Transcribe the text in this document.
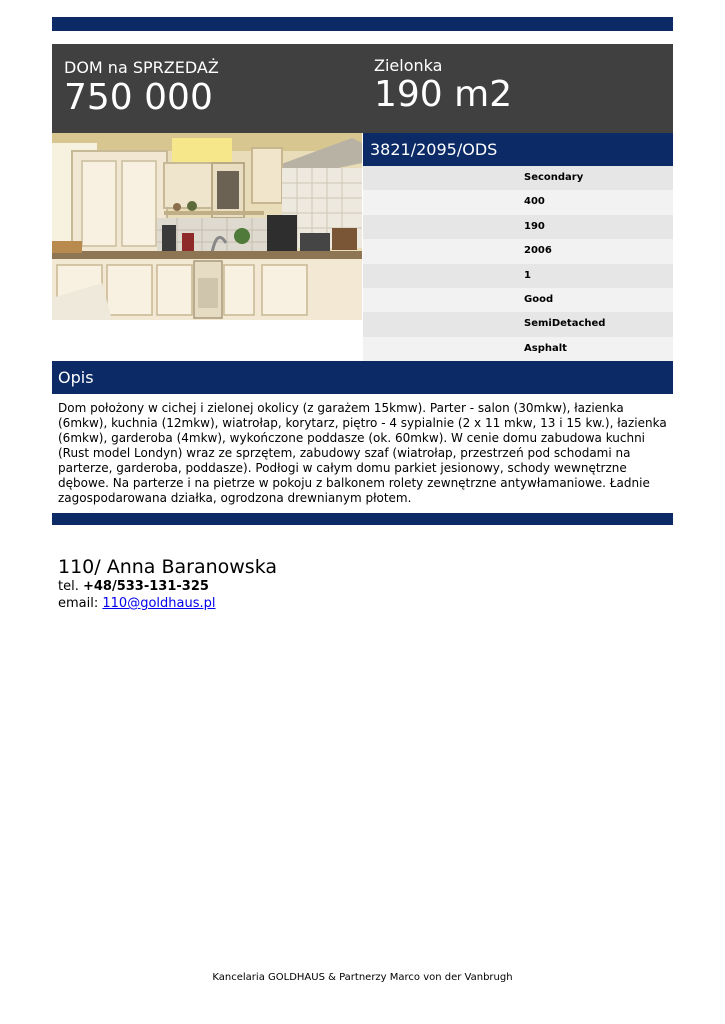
DOM na SPRZEDAŻ
750 000
Zielonka
190 m2
3821/2095/ODS
Secondary
400
190
2006
1
Good
SemiDetached
Asphalt
Opis

Dom położony w cichej i zielonej okolicy (z garażem 15kmw). Parter - salon (30mkw), łazienka (6mkw), kuchnia (12mkw), wiatrołap, korytarz, piętro - 4 sypialnie (2 x 11 mkw, 13 i 15 kw.), łazienka (6mkw), garderoba (4mkw), wykończone poddasze (ok. 60mkw). W cenie domu zabudowa kuchni (Rust model Londyn) wraz ze sprzętem, zabudowy szaf (wiatrołap, przestrzeń pod schodami na parterze, garderoba, poddasze). Podłogi w całym domu parkiet jesionowy, schody wewnętrzne dębowe. Na parterze i na pietrze w pokoju z balkonem rolety zewnętrzne antywłamaniowe. Ładnie zagospodarowana działka, ogrodzona drewnianym płotem.

110/ Anna Baranowska
tel. +48/533-131-325
email: 110@goldhaus.pl
Kancelaria GOLDHAUS & Partnerzy Marco von der Vanbrugh
